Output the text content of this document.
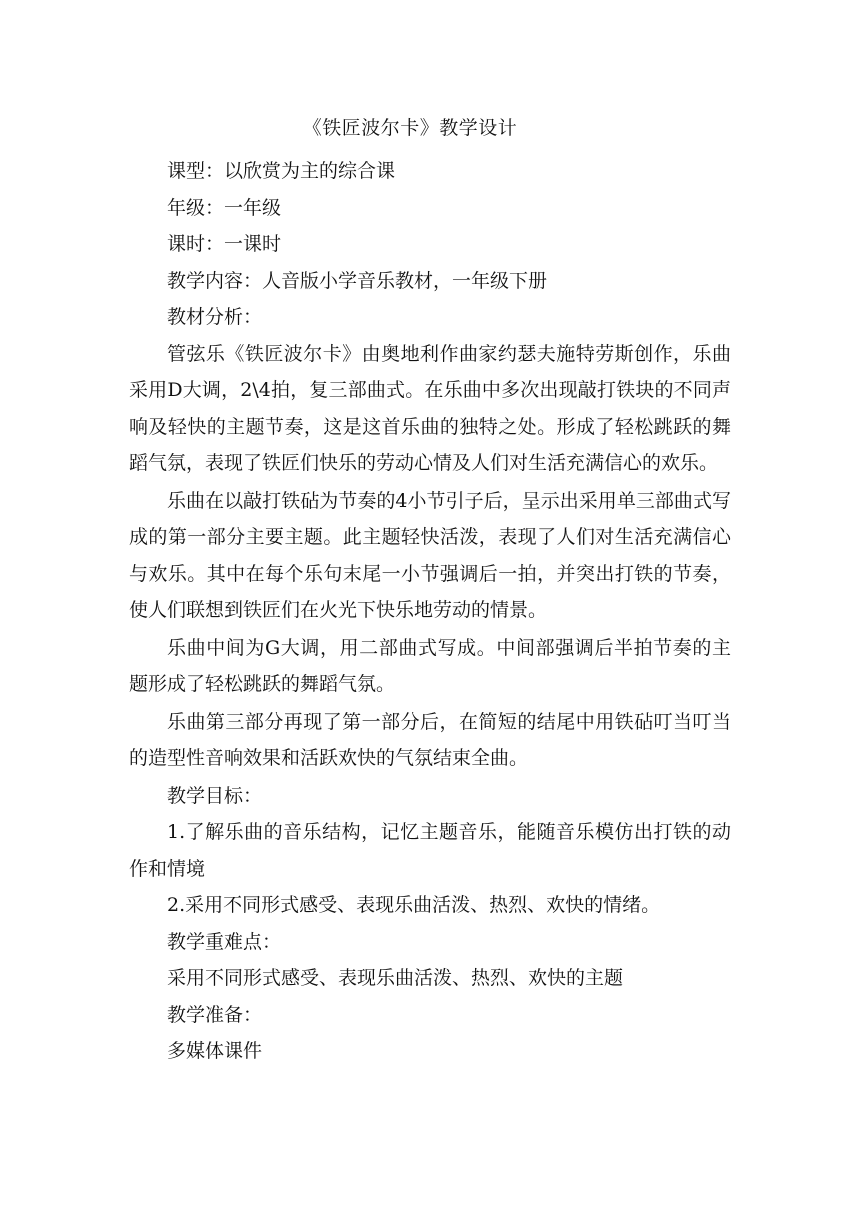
《铁匠波尔卡》教学设计

课型：以欣赏为主的综合课

年级：一年级

课时：一课时

教学内容：人音版小学音乐教材，一年级下册

教材分析：

管弦乐《铁匠波尔卡》由奥地利作曲家约瑟夫施特劳斯创作，乐曲采用D大调，2\4拍，复三部曲式。在乐曲中多次出现敲打铁块的不同声响及轻快的主题节奏，这是这首乐曲的独特之处。形成了轻松跳跃的舞蹈气氛，表现了铁匠们快乐的劳动心情及人们对生活充满信心的欢乐。

乐曲在以敲打铁砧为节奏的4小节引子后，呈示出采用单三部曲式写成的第一部分主要主题。此主题轻快活泼，表现了人们对生活充满信心与欢乐。其中在每个乐句末尾一小节强调后一拍，并突出打铁的节奏，使人们联想到铁匠们在火光下快乐地劳动的情景。

乐曲中间为G大调，用二部曲式写成。中间部强调后半拍节奏的主题形成了轻松跳跃的舞蹈气氛。

乐曲第三部分再现了第一部分后，在简短的结尾中用铁砧叮当叮当的造型性音响效果和活跃欢快的气氛结束全曲。

教学目标：

1.了解乐曲的音乐结构，记忆主题音乐，能随音乐模仿出打铁的动作和情境

2.采用不同形式感受、表现乐曲活泼、热烈、欢快的情绪。

教学重难点：

采用不同形式感受、表现乐曲活泼、热烈、欢快的主题

教学准备：

多媒体课件
